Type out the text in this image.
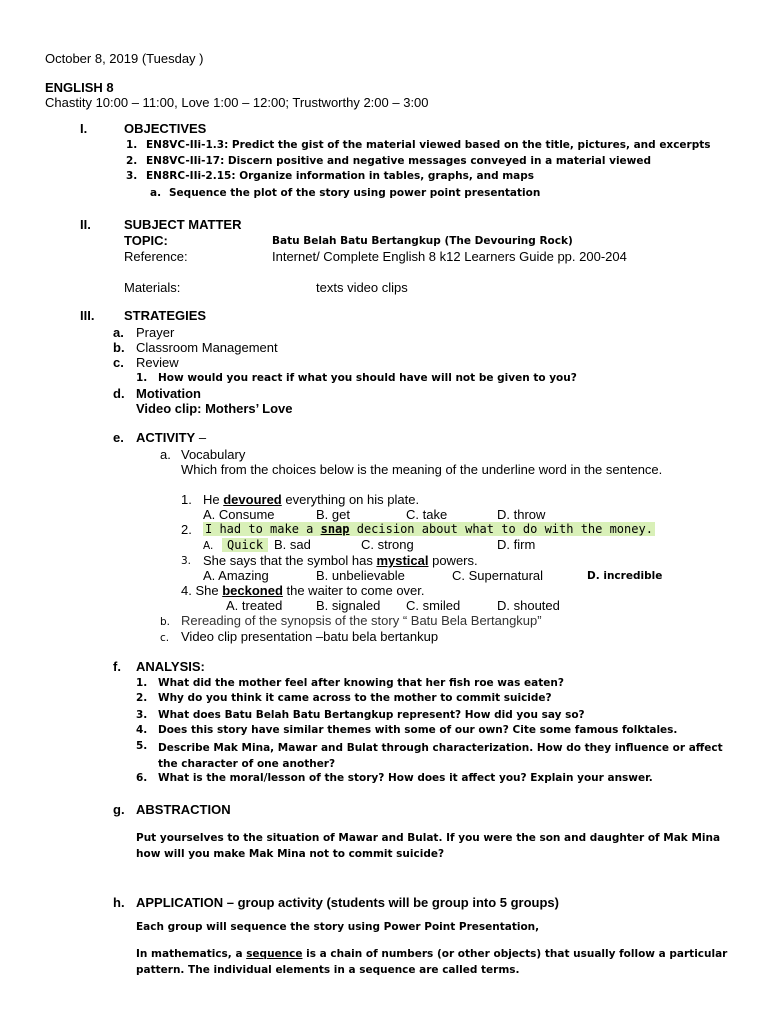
October 8, 2019 (Tuesday )
ENGLISH 8
Chastity 10:00 – 11:00, Love 1:00 – 12:00; Trustworthy 2:00 – 3:00
I.	OBJECTIVES
1. EN8VC-IIi-1.3: Predict the gist of the material viewed based on the title, pictures, and excerpts
2. EN8VC-IIi-17: Discern positive and negative messages conveyed in a material viewed
3. EN8RC-IIi-2.15: Organize information in tables, graphs, and maps
a. Sequence the plot of the story using power point presentation
II.	SUBJECT MATTER
TOPIC:	Batu Belah Batu Bertangkup (The Devouring Rock)
Reference:	Internet/ Complete English 8 k12 Learners Guide pp. 200-204
Materials:	texts video clips
III. STRATEGIES
a. Prayer
b. Classroom Management
c. Review
1. How would you react if what you should have will not be given to you?
d. Motivation
Video clip: Mothers’ Love
e. ACTIVITY –
a. Vocabulary
Which from the choices below is the meaning of the underline word in the sentence.
1. He devoured everything on his plate.
A. Consume	B. get	C. take	D. throw
2. I had to make a snap decision about what to do with the money.
A.	Quick B. sad	C. strong	D. firm
3. She says that the symbol has mystical powers.
A. Amazing	B. unbelievable	C. Supernatural	D. incredible
4. She beckoned the waiter to come over.
A. treated	B. signaled C. smiled	D. shouted
b. Rereading of the synopsis of the story “ Batu Bela Bertangkup”
c. Video clip presentation –batu bela bertankup
f. ANALYSIS:
1. What did the mother feel after knowing that her fish roe was eaten?
2. Why do you think it came across to the mother to commit suicide?
3. What does Batu Belah Batu Bertangkup represent? How did you say so?
4. Does this story have similar themes with some of our own? Cite some famous folktales.
5. Describe Mak Mina, Mawar and Bulat through characterization. How do they influence or affect the character of one another?
6. What is the moral/lesson of the story? How does it affect you? Explain your answer.
g. ABSTRACTION
Put yourselves to the situation of Mawar and Bulat. If you were the son and daughter of Mak Mina how will you make Mak Mina not to commit suicide?
h. APPLICATION – group activity (students will be group into 5 groups)
Each group will sequence the story using Power Point Presentation,
In mathematics, a sequence is a chain of numbers (or other objects) that usually follow a particular pattern. The individual elements in a sequence are called terms.
